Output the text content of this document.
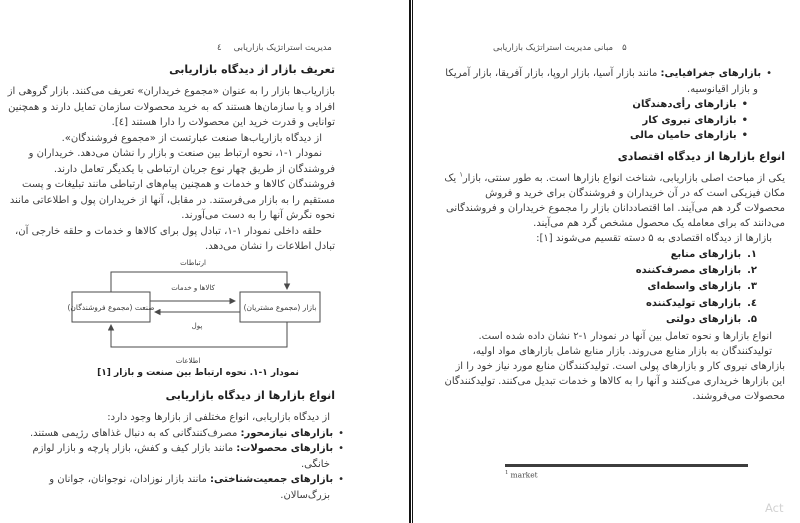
٤ مدیریت استراتژیک بازاریابی
تعریف بازار از دیدگاه بازاریابی

بازاریاب‌ها بازار را به عنوان «مجموع خریداران» تعریف می‌کنند. بازار گروهی از افراد و یا سازمان‌ها هستند که به خرید محصولات سازمان تمایل دارند و همچنین توانایی و قدرت خرید این محصولات را دارا هستند [٤].

از دیدگاه بازاریاب‌ها صنعت عبارتست از «مجموع فروشندگان».

نمودار ۱-۱، نحوه ارتباط بین صنعت و بازار را نشان می‌دهد. خریداران و فروشندگان از طریق چهار نوع جریان ارتباطی با یکدیگر تعامل دارند. فروشندگان کالاها و خدمات و همچنین پیام‌های ارتباطی مانند تبلیغات و پست مستقیم را به بازار می‌فرستند. در مقابل، آنها از خریداران پول و اطلاعاتی مانند نحوه نگرش آنها را به دست می‌آورند.

حلقه داخلی نمودار ۱-۱، تبادل پول برای کالاها و خدمات و حلقه خارجی آن، تبادل اطلاعات را نشان می‌دهد.

صنعت (مجموع فروشندگان)	بازار (مجموع مشتریان)
ارتباطات
کالاها و خدمات
پول
اطلاعات
نمودار ۱-۱. نحوه ارتباط بین صنعت و بازار [۱]
انواع بازارها از دیدگاه بازاریابی

از دیدگاه بازاریابی، انواع مختلفی از بازارها وجود دارد:

• بازارهای نیازمحور: مصرف‌کنندگانی که به دنبال غذاهای رژیمی هستند.
• بازارهای محصولات: مانند بازار کیف و کفش، بازار پارچه و بازار لوازم خانگی.
• بازارهای جمعیت‌شناختی: مانند بازار نوزادان، نوجوانان، جوانان و بزرگ‌سالان.
مبانی مدیریت استراتژیک بازاریابی ۵
• بازارهای جغرافیایی: مانند بازار آسیا، بازار اروپا، بازار آفریقا، بازار آمریکا و بازار اقیانوسیه.
• بازارهای رأی‌دهندگان
• بازارهای نیروی کار
• بازارهای حامیان مالی
انواع بازارها از دیدگاه اقتصادی

یکی از مباحث اصلی بازاریابی، شناخت انواع بازارها است. به طور سنتی، بازار$^۱$ یک مکان فیزیکی است که در آن خریداران و فروشندگان برای خرید و فروش محصولات گرد هم می‌آیند. اما اقتصاددانان بازار را مجموع خریداران و فروشندگانی می‌دانند که برای معامله یک محصول مشخص گرد هم می‌آیند.

بازارها از دیدگاه اقتصادی به ۵ دسته تقسیم می‌شوند [۱]:

۱.بازارهای منابع
۲.بازارهای مصرف‌کننده
۳.بازارهای واسطه‌ای
٤.بازارهای تولیدکننده
۵.بازارهای دولتی

انواع بازارها و نحوه تعامل بین آنها در نمودار ۱-۲ نشان داده شده است.

تولیدکنندگان به بازار منابع می‌روند. بازار منابع شامل بازارهای مواد اولیه، بازارهای نیروی کار و بازارهای پولی است. تولیدکنندگان منابع مورد نیاز خود را از این بازارها خریداری می‌کنند و آنها را به کالاها و خدمات تبدیل می‌کنند. تولیدکنندگان محصولات می‌فروشند.

$^1$ market
Act
